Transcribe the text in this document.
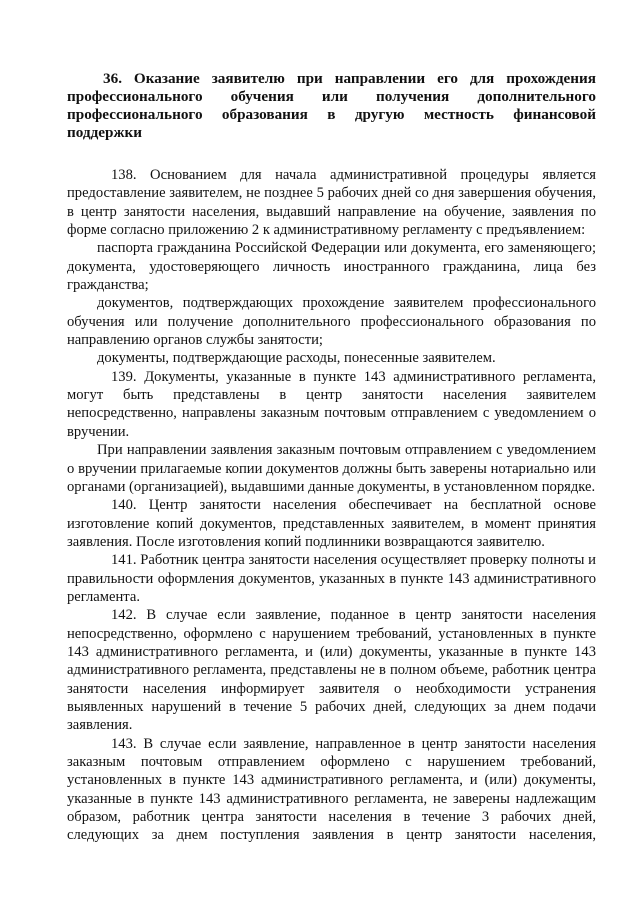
36. Оказание заявителю при направлении его для прохождения профессионального обучения или получения дополнительного профессионального образования в другую местность финансовой поддержки

138. Основанием для начала административной процедуры является предоставление заявителем, не позднее 5 рабочих дней со дня завершения обучения, в центр занятости населения, выдавший направление на обучение, заявления по форме согласно приложению 2 к административному регламенту с предъявлением:

паспорта гражданина Российской Федерации или документа, его заменяющего; документа, удостоверяющего личность иностранного гражданина, лица без гражданства;

документов, подтверждающих прохождение заявителем профессионального обучения или получение дополнительного профессионального образования по направлению органов службы занятости;

документы, подтверждающие расходы, понесенные заявителем.

139. Документы, указанные в пункте 143 административного регламента, могут быть представлены в центр занятости населения заявителем непосредственно, направлены заказным почтовым отправлением с уведомлением о вручении.

При направлении заявления заказным почтовым отправлением с уведомлением о вручении прилагаемые копии документов должны быть заверены нотариально или органами (организацией), выдавшими данные документы, в установленном порядке.

140. Центр занятости населения обеспечивает на бесплатной основе изготовление копий документов, представленных заявителем, в момент принятия заявления. После изготовления копий подлинники возвращаются заявителю.

141. Работник центра занятости населения осуществляет проверку полноты и правильности оформления документов, указанных в пункте 143 административного регламента.

142. В случае если заявление, поданное в центр занятости населения непосредственно, оформлено с нарушением требований, установленных в пункте 143 административного регламента, и (или) документы, указанные в пункте 143 административного регламента, представлены не в полном объеме, работник центра занятости населения информирует заявителя о необходимости устранения выявленных нарушений в течение 5 рабочих дней, следующих за днем подачи заявления.

143. В случае если заявление, направленное в центр занятости населения заказным почтовым отправлением оформлено с нарушением требований, установленных в пункте 143 административного регламента, и (или) документы, указанные в пункте 143 административного регламента, не заверены надлежащим образом, работник центра занятости населения в течение 3 рабочих дней, следующих за днем поступления заявления в центр занятости населения,
